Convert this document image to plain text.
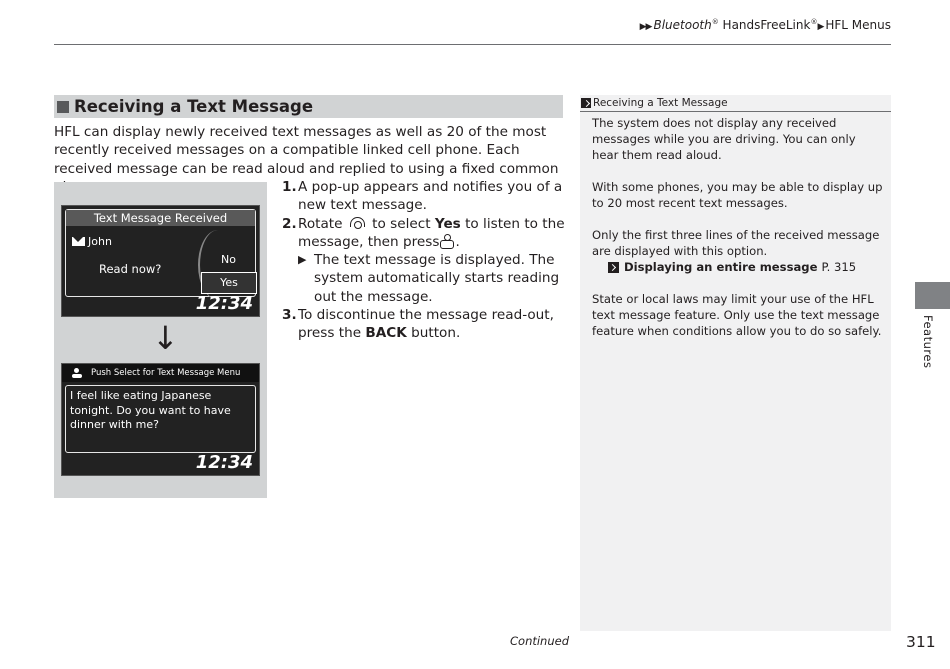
▶▶ Bluetooth® HandsFreeLink®▶ HFL Menus
Receiving a Text Message

HFL can display newly received text messages as well as 20 of the most recently received messages on a compatible linked cell phone. Each received message can be read aloud and replied to using a fixed common

Text Message Received
John
Read now?
No
Yes
12:34
↓
Push Select for Text Message Menu
I feel like eating Japanese tonight. Do you want to have dinner with me?
12:34
1. A pop-up appears and notifies you of a new text message.
2. Rotate to select Yes to listen to the message, then press .
▶ The text message is displayed. The system automatically starts reading out the message.
3. To discontinue the message read-out, press the BACK button.
Receiving a Text Message

The system does not display any received messages while you are driving. You can only hear them read aloud.

With some phones, you may be able to display up to 20 most recent text messages.

Only the first three lines of the received message are displayed with this option.

Displaying an entire message P. 315

State or local laws may limit your use of the HFL text message feature. Only use the text message feature when conditions allow you to do so safely.	Features
Continued	311
